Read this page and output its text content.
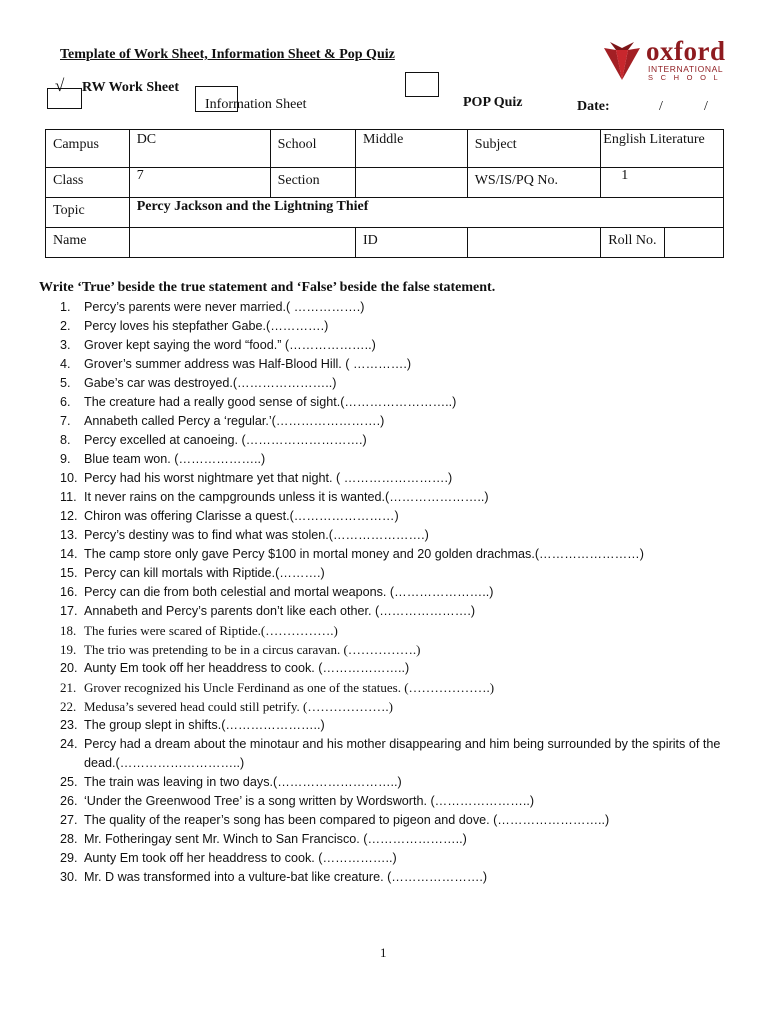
Template of Work Sheet, Information Sheet & Pop Quiz	oxford
INTERNATIONAL
SCHOOL
√ RW Work Sheet
Information Sheet	POP Quiz	Date:	/	/
Campus	DC	School	Middle	Subject	English Literature	
Class	7	Section		WS/IS/PQ No.	1	
Topic	Percy Jackson and the Lightning Thief					
Name			ID		Roll No.	
Write ‘True’ beside the true statement and ‘False’ beside the false statement.
1.	Percy’s parents were never married.( …………….)
2.	Percy loves his stepfather Gabe.(………….)
3.	Grover kept saying the word “food.” (………………..)
4.	Grover’s summer address was Half-Blood Hill. ( ………….)
5.	Gabe’s car was destroyed.(…………………..)
6.	The creature had a really good sense of sight.(……………………..)
7.	Annabeth called Percy a ‘regular.’(…………………….)
8.	Percy excelled at canoeing. (……………………….)
9.	Blue team won. (………………..)
10. Percy had his worst nightmare yet that night. ( …………………….)
11. It never rains on the campgrounds unless it is wanted.(…………………..)
12. Chiron was offering Clarisse a quest.(……………………)
13. Percy’s destiny was to find what was stolen.(………………….)
14. The camp store only gave Percy $100 in mortal money and 20 golden drachmas.(……………………)
15. Percy can kill mortals with Riptide.(……….)
16. Percy can die from both celestial and mortal weapons. (…………………..)
17. Annabeth and Percy’s parents don’t like each other. (………………….)
18. The furies were scared of Riptide.(…………….)
19. The trio was pretending to be in a circus caravan. (…………….)
20. Aunty Em took off her headdress to cook. (………………..)
21. Grover recognized his Uncle Ferdinand as one of the statues. (……………….)
22. Medusa’s severed head could still petrify. (……………….)
23. The group slept in shifts.(…………………..)
24. Percy had a dream about the minotaur and his mother disappearing and him being surrounded by the spirits of the dead.(………………………..)
25. The train was leaving in two days.(………………………..)
26. ‘Under the Greenwood Tree’ is a song written by Wordsworth. (…………………..)
27. The quality of the reaper’s song has been compared to pigeon and dove. (……………………..)
28. Mr. Fotheringay sent Mr. Winch to San Francisco. (…………………..)
29. Aunty Em took off her headdress to cook. (……………..)
30. Mr. D was transformed into a vulture-bat like creature. (………………….)
1
